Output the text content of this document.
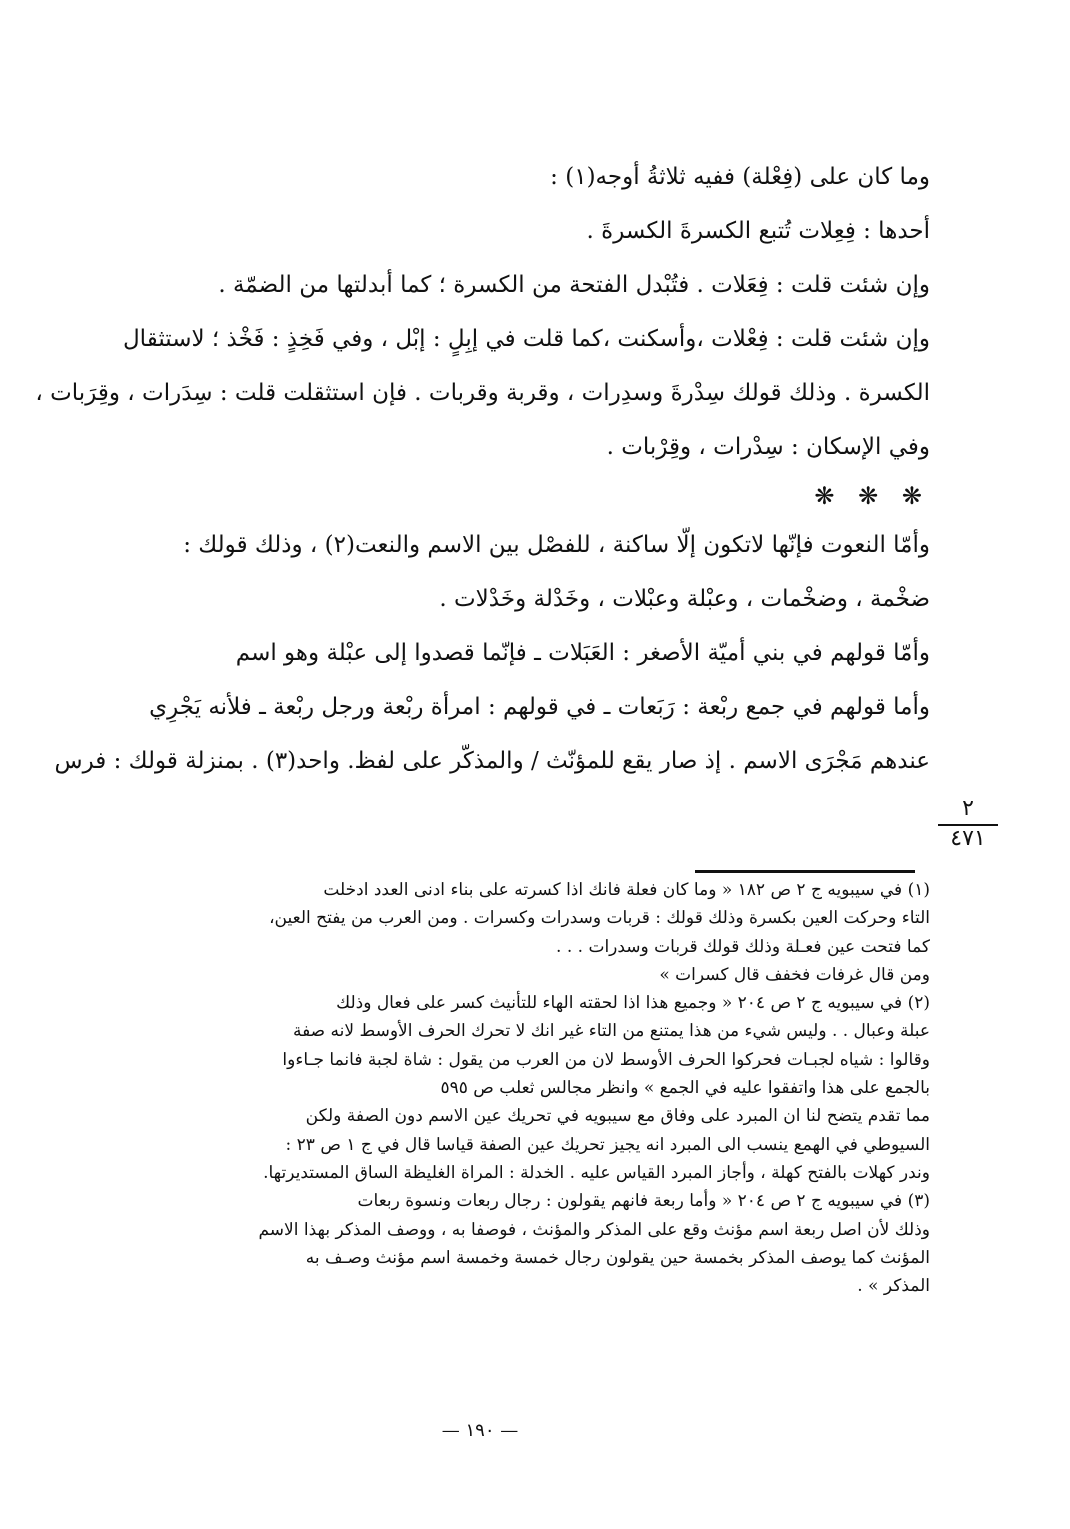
وما كان على (فِعْلة) ففيه ثلاثةُ أوجه(١) :

أحدها : فِعِلات تُتبع الكسرةَ الكسرةَ .

وإن شئت قلت : فِعَلات . فتُبْدل الفتحة من الكسرة ؛ كما أبدلتها من الضمّة .

وإن شئت قلت : فِعْلات ،وأسكنت ،كما قلت في إبِلٍ : إبْل ، وفي فَخِذٍ : فَخْذ ؛ لاستثقال

الكسرة . وذلك قولك سِدْرةَ وسدِرات ، وقربة وقربات . فإن استثقلت قلت : سِدَرات ، وقِرَبات ،

وفي الإسكان : سِدْرات ، وقِرْبات .

❋ ❋ ❋

وأمّا النعوت فإنّها لاتكون إلّا ساكنة ، للفصْل بين الاسم والنعت(٢) ، وذلك قولك :

ضخْمة ، وضخْمات ، وعبْلة وعبْلات ، وخَدْلة وخَدْلات .

وأمّا قولهم في بني أميّة الأصغر : العَبَلات ـ فإنّما قصدوا إلى عبْلة وهو اسم

وأما قولهم في جمع ربْعة : رَبَعات ـ في قولهم : امرأة ربْعة ورجل ربْعة ـ فلأنه يَجْرِي

عندهم مَجْرَى الاسم . إذ صار يقع للمؤنّث / والمذكّر على لفظ. واحد(٣) . بمنزلة قولك : فرس

٢
٤٧١

(١) في سيبويه ج ٢ ص ١٨٢ « وما كان فعلة فانك اذا كسرته على بناء ادنى العدد ادخلت

التاء وحركت العين بكسرة وذلك قولك : قربات وسدرات وكسرات . ومن العرب من يفتح العين،

كما فتحت عين فعـلة وذلك قولك قربات وسدرات . . .

ومن قال غرفات فخفف قال كسرات »

(٢) في سيبويه ج ٢ ص ٢٠٤ « وجميع هذا اذا لحقته الهاء للتأنيث كسر على فعال وذلك

عبلة وعبال . . وليس شيء من هذا يمتنع من التاء غير انك لا تحرك الحرف الأوسط لانه صفة

وقالوا : شياه لجبـات فحركوا الحرف الأوسط لان من العرب من يقول : شاة لجبة فانما جـاءوا

بالجمع على هذا واتفقوا عليه في الجمع » وانظر مجالس ثعلب ص ٥٩٥

مما تقدم يتضح لنا ان المبرد على وفاق مع سيبويه في تحريك عين الاسم دون الصفة ولكن

السيوطي في الهمع ينسب الى المبرد انه يجيز تحريك عين الصفة قياسا قال في ج ١ ص ٢٣ :

وندر كهلات بالفتح كهلة ، وأجاز المبرد القياس عليه . الخدلة : المراة الغليظة الساق المستديرتها.

(٣) في سيبويه ج ٢ ص ٢٠٤ « وأما ربعة فانهم يقولون : رجال ربعات ونسوة ربعات

وذلك لأن اصل ربعة اسم مؤنث وقع على المذكر والمؤنث ، فوصفا به ، ووصف المذكر بهذا الاسم

المؤنث كما يوصف المذكر بخمسة حين يقولون رجال خمسة وخمسة اسم مؤنث وصـف به

المذكر » .

— ١٩٠ —
